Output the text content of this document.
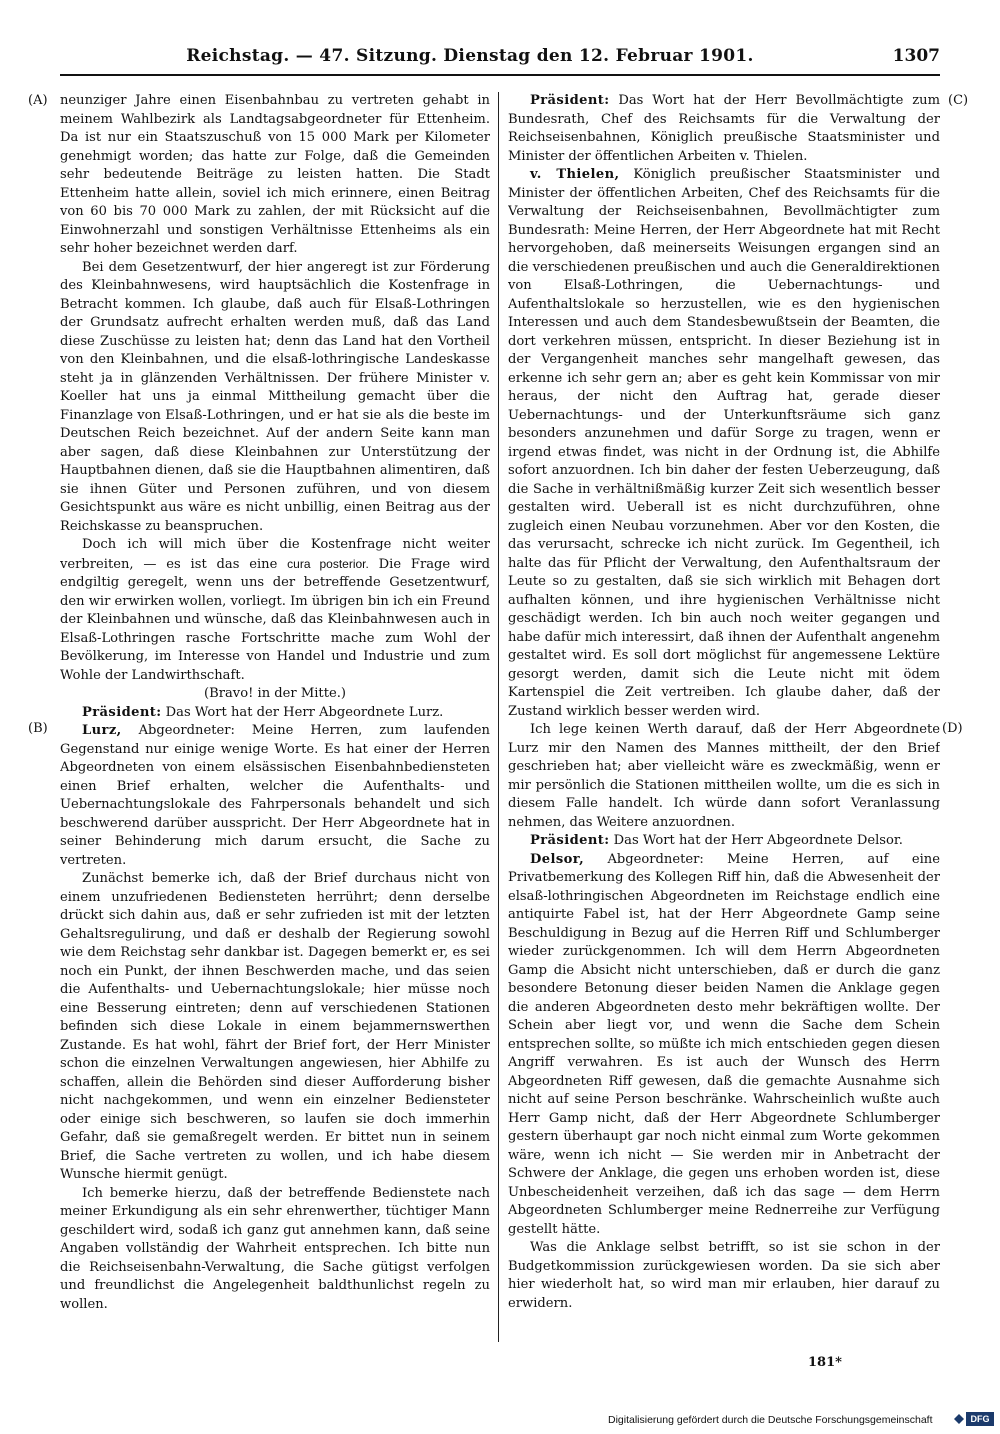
Reichstag. — 47. Sitzung. Dienstag den 12. Februar 1901.	1307
(A)
(B)
(C)
(D)

neunziger Jahre einen Eisenbahnbau zu vertreten gehabt in meinem Wahlbezirk als Landtagsabgeordneter für Ettenheim. Da ist nur ein Staatszuschuß von 15 000 Mark per Kilometer genehmigt worden; das hatte zur Folge, daß die Gemeinden sehr bedeutende Beiträge zu leisten hatten. Die Stadt Ettenheim hatte allein, soviel ich mich erinnere, einen Beitrag von 60 bis 70 000 Mark zu zahlen, der mit Rücksicht auf die Einwohnerzahl und sonstigen Verhältnisse Ettenheims als ein sehr hoher bezeichnet werden darf.

Bei dem Gesetzentwurf, der hier angeregt ist zur Förderung des Kleinbahnwesens, wird hauptsächlich die Kostenfrage in Betracht kommen. Ich glaube, daß auch für Elsaß-Lothringen der Grundsatz aufrecht erhalten werden muß, daß das Land diese Zuschüsse zu leisten hat; denn das Land hat den Vortheil von den Kleinbahnen, und die elsaß-lothringische Landeskasse steht ja in glänzenden Verhältnissen. Der frühere Minister v. Koeller hat uns ja einmal Mittheilung gemacht über die Finanzlage von Elsaß-Lothringen, und er hat sie als die beste im Deutschen Reich bezeichnet. Auf der andern Seite kann man aber sagen, daß diese Kleinbahnen zur Unterstützung der Hauptbahnen dienen, daß sie die Hauptbahnen alimentiren, daß sie ihnen Güter und Personen zuführen, und von diesem Gesichtspunkt aus wäre es nicht unbillig, einen Beitrag aus der Reichskasse zu beanspruchen.

Doch ich will mich über die Kostenfrage nicht weiter verbreiten, — es ist das eine cura posterior. Die Frage wird endgiltig geregelt, wenn uns der betreffende Gesetzentwurf, den wir erwirken wollen, vorliegt. Im übrigen bin ich ein Freund der Kleinbahnen und wünsche, daß das Kleinbahnwesen auch in Elsaß-Lothringen rasche Fortschritte mache zum Wohl der Bevölkerung, im Interesse von Handel und Industrie und zum Wohle der Landwirthschaft.

(Bravo! in der Mitte.)

Präsident: Das Wort hat der Herr Abgeordnete Lurz.

Lurz, Abgeordneter: Meine Herren, zum laufenden Gegenstand nur einige wenige Worte. Es hat einer der Herren Abgeordneten von einem elsässischen Eisenbahnbediensteten einen Brief erhalten, welcher die Aufenthalts- und Uebernachtungslokale des Fahrpersonals behandelt und sich beschwerend darüber ausspricht. Der Herr Abgeordnete hat in seiner Behinderung mich darum ersucht, die Sache zu vertreten.

Zunächst bemerke ich, daß der Brief durchaus nicht von einem unzufriedenen Bediensteten herrührt; denn derselbe drückt sich dahin aus, daß er sehr zufrieden ist mit der letzten Gehaltsregulirung, und daß er deshalb der Regierung sowohl wie dem Reichstag sehr dankbar ist. Dagegen bemerkt er, es sei noch ein Punkt, der ihnen Beschwerden mache, und das seien die Aufenthalts- und Uebernachtungslokale; hier müsse noch eine Besserung eintreten; denn auf verschiedenen Stationen befinden sich diese Lokale in einem bejammernswerthen Zustande. Es hat wohl, fährt der Brief fort, der Herr Minister schon die einzelnen Verwaltungen angewiesen, hier Abhilfe zu schaffen, allein die Behörden sind dieser Aufforderung bisher nicht nachgekommen, und wenn ein einzelner Bediensteter oder einige sich beschweren, so laufen sie doch immerhin Gefahr, daß sie gemaßregelt werden. Er bittet nun in seinem Brief, die Sache vertreten zu wollen, und ich habe diesem Wunsche hiermit genügt.

Ich bemerke hierzu, daß der betreffende Bedienstete nach meiner Erkundigung als ein sehr ehrenwerther, tüchtiger Mann geschildert wird, sodaß ich ganz gut annehmen kann, daß seine Angaben vollständig der Wahrheit entsprechen. Ich bitte nun die Reichseisenbahn-Verwaltung, die Sache gütigst verfolgen und freundlichst die Angelegenheit baldthunlichst regeln zu wollen.

Präsident: Das Wort hat der Herr Bevollmächtigte zum Bundesrath, Chef des Reichsamts für die Verwaltung der Reichseisenbahnen, Königlich preußische Staatsminister und Minister der öffentlichen Arbeiten v. Thielen.

v. Thielen, Königlich preußischer Staatsminister und Minister der öffentlichen Arbeiten, Chef des Reichsamts für die Verwaltung der Reichseisenbahnen, Bevollmächtigter zum Bundesrath: Meine Herren, der Herr Abgeordnete hat mit Recht hervorgehoben, daß meinerseits Weisungen ergangen sind an die verschiedenen preußischen und auch die Generaldirektionen von Elsaß-Lothringen, die Uebernachtungs- und Aufenthaltslokale so herzustellen, wie es den hygienischen Interessen und auch dem Standesbewußtsein der Beamten, die dort verkehren müssen, entspricht. In dieser Beziehung ist in der Vergangenheit manches sehr mangelhaft gewesen, das erkenne ich sehr gern an; aber es geht kein Kommissar von mir heraus, der nicht den Auftrag hat, gerade dieser Uebernachtungs- und der Unterkunftsräume sich ganz besonders anzunehmen und dafür Sorge zu tragen, wenn er irgend etwas findet, was nicht in der Ordnung ist, die Abhilfe sofort anzuordnen. Ich bin daher der festen Ueberzeugung, daß die Sache in verhältnißmäßig kurzer Zeit sich wesentlich besser gestalten wird. Ueberall ist es nicht durchzuführen, ohne zugleich einen Neubau vorzunehmen. Aber vor den Kosten, die das verursacht, schrecke ich nicht zurück. Im Gegentheil, ich halte das für Pflicht der Verwaltung, den Aufenthaltsraum der Leute so zu gestalten, daß sie sich wirklich mit Behagen dort aufhalten können, und ihre hygienischen Verhältnisse nicht geschädigt werden. Ich bin auch noch weiter gegangen und habe dafür mich interessirt, daß ihnen der Aufenthalt angenehm gestaltet wird. Es soll dort möglichst für angemessene Lektüre gesorgt werden, damit sich die Leute nicht mit ödem Kartenspiel die Zeit vertreiben. Ich glaube daher, daß der Zustand wirklich besser werden wird.

Ich lege keinen Werth darauf, daß der Herr Abgeordnete Lurz mir den Namen des Mannes mittheilt, der den Brief geschrieben hat; aber vielleicht wäre es zweckmäßig, wenn er mir persönlich die Stationen mittheilen wollte, um die es sich in diesem Falle handelt. Ich würde dann sofort Veranlassung nehmen, das Weitere anzuordnen.

Präsident: Das Wort hat der Herr Abgeordnete Delsor.

Delsor, Abgeordneter: Meine Herren, auf eine Privatbemerkung des Kollegen Riff hin, daß die Abwesenheit der elsaß-lothringischen Abgeordneten im Reichstage endlich eine antiquirte Fabel ist, hat der Herr Abgeordnete Gamp seine Beschuldigung in Bezug auf die Herren Riff und Schlumberger wieder zurückgenommen. Ich will dem Herrn Abgeordneten Gamp die Absicht nicht unterschieben, daß er durch die ganz besondere Betonung dieser beiden Namen die Anklage gegen die anderen Abgeordneten desto mehr bekräftigen wollte. Der Schein aber liegt vor, und wenn die Sache dem Schein entsprechen sollte, so müßte ich mich entschieden gegen diesen Angriff verwahren. Es ist auch der Wunsch des Herrn Abgeordneten Riff gewesen, daß die gemachte Ausnahme sich nicht auf seine Person beschränke. Wahrscheinlich wußte auch Herr Gamp nicht, daß der Herr Abgeordnete Schlumberger gestern überhaupt gar noch nicht einmal zum Worte gekommen wäre, wenn ich nicht — Sie werden mir in Anbetracht der Schwere der Anklage, die gegen uns erhoben worden ist, diese Unbescheidenheit verzeihen, daß ich das sage — dem Herrn Abgeordneten Schlumberger meine Rednerreihe zur Verfügung gestellt hätte.

Was die Anklage selbst betrifft, so ist sie schon in der Budgetkommission zurückgewiesen worden. Da sie sich aber hier wiederholt hat, so wird man mir erlauben, hier darauf zu erwidern.

181*
Digitalisierung gefördert durch die Deutsche Forschungsgemeinschaft	DFG
